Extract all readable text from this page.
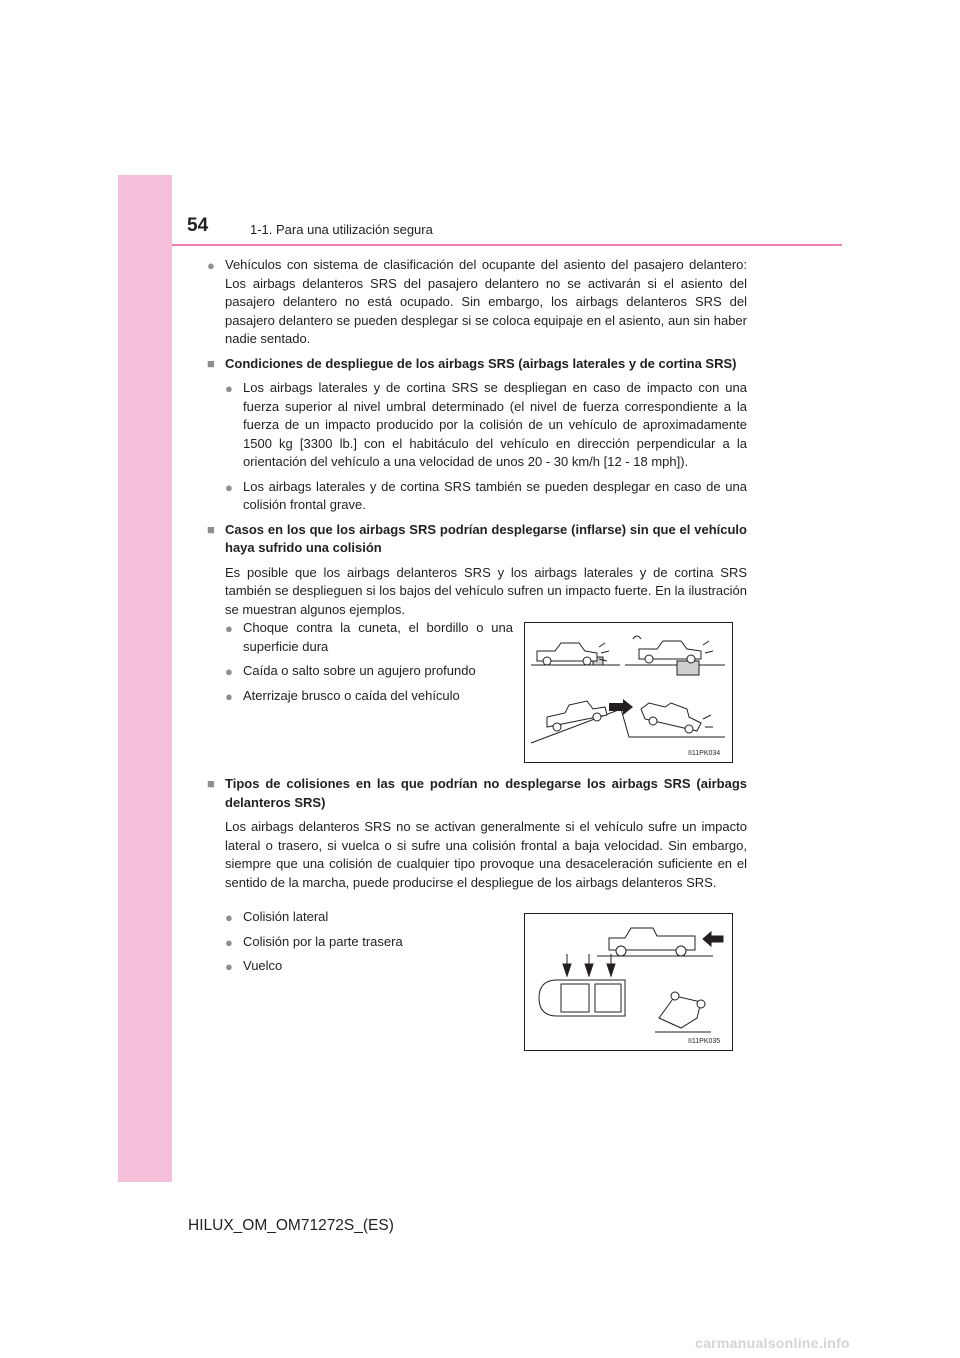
54	1-1. Para una utilización segura
● Vehículos con sistema de clasificación del ocupante del asiento del pasajero delantero: Los airbags delanteros SRS del pasajero delantero no se activarán si el asiento del pasajero delantero no está ocupado. Sin embargo, los airbags delanteros SRS del pasajero delantero se pueden desplegar si se coloca equipaje en el asiento, aun sin haber nadie sentado.
■ Condiciones de despliegue de los airbags SRS (airbags laterales y de cortina SRS)
● Los airbags laterales y de cortina SRS se despliegan en caso de impacto con una fuerza superior al nivel umbral determinado (el nivel de fuerza correspondiente a la fuerza de un impacto producido por la colisión de un vehículo de aproximadamente 1500 kg [3300 lb.] con el habitáculo del vehículo en dirección perpendicular a la orientación del vehículo a una velocidad de unos 20 - 30 km/h [12 - 18 mph]).
● Los airbags laterales y de cortina SRS también se pueden desplegar en caso de una colisión frontal grave.
■ Casos en los que los airbags SRS podrían desplegarse (inflarse) sin que el vehículo haya sufrido una colisión
Es posible que los airbags delanteros SRS y los airbags laterales y de cortina SRS también se desplieguen si los bajos del vehículo sufren un impacto fuerte. En la ilustración se muestran algunos ejemplos.
● Choque contra la cuneta, el bordillo o una superficie dura
● Caída o salto sobre un agujero profundo
● Aterrizaje brusco o caída del vehículo
II11PK034
■ Tipos de colisiones en las que podrían no desplegarse los airbags SRS (airbags delanteros SRS)
Los airbags delanteros SRS no se activan generalmente si el vehículo sufre un impacto lateral o trasero, si vuelca o si sufre una colisión frontal a baja velocidad. Sin embargo, siempre que una colisión de cualquier tipo provoque una desaceleración suficiente en el sentido de la marcha, puede producirse el despliegue de los airbags delanteros SRS.
● Colisión lateral
● Colisión por la parte trasera
● Vuelco
II11PK035
HILUX_OM_OM71272S_(ES)
carmanualsonline.info
